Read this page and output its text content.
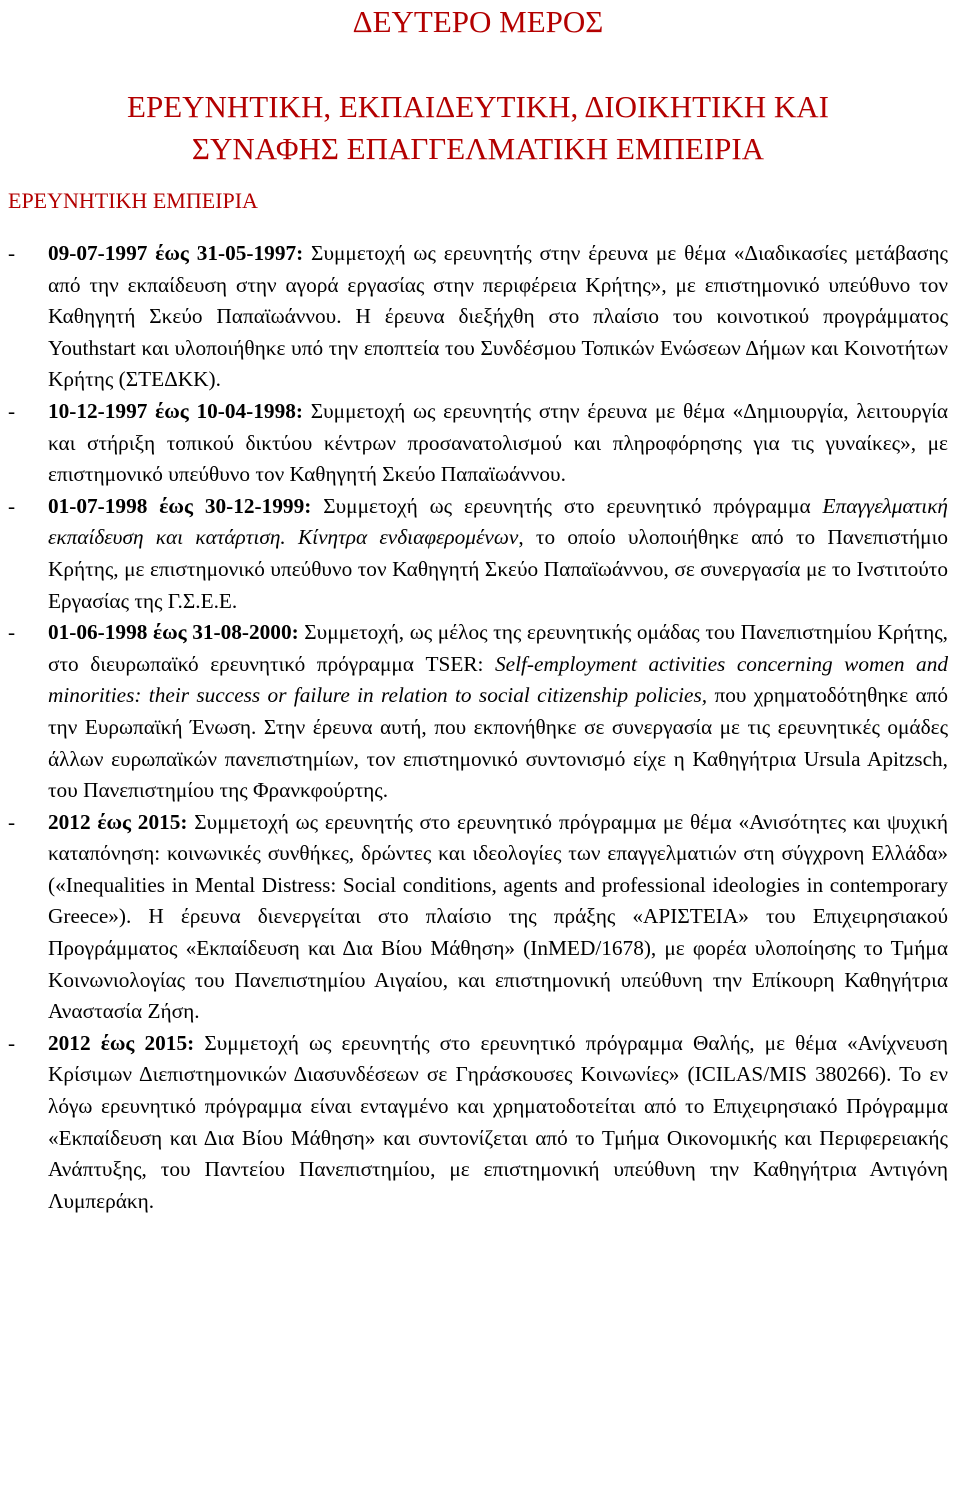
ΔΕΥΤΕΡΟ ΜΕΡΟΣ
ΕΡΕΥΝΗΤΙΚΗ, ΕΚΠΑΙΔΕΥΤΙΚΗ, ΔΙΟΙΚΗΤΙΚΗ ΚΑΙ
ΣΥΝΑΦΗΣ ΕΠΑΓΓΕΛΜΑΤΙΚΗ ΕΜΠΕΙΡΙΑ
ΕΡΕΥΝΗΤΙΚΗ ΕΜΠΕΙΡΙΑ
- 09-07-1997 έως 31-05-1997: Συμμετοχή ως ερευνητής στην έρευνα με θέμα «Διαδικασίες μετάβασης από την εκπαίδευση στην αγορά εργασίας στην περιφέρεια Κρήτης», με επιστημονικό υπεύθυνο τον Καθηγητή Σκεύο Παπαϊωάννου. Η έρευνα διεξήχθη στο πλαίσιο του κοινοτικού προγράμματος Youthstart και υλοποιήθηκε υπό την εποπτεία του Συνδέσμου Τοπικών Ενώσεων Δήμων και Κοινοτήτων Κρήτης (ΣΤΕΔΚΚ).
- 10-12-1997 έως 10-04-1998: Συμμετοχή ως ερευνητής στην έρευνα με θέμα «Δημιουργία, λειτουργία και στήριξη τοπικού δικτύου κέντρων προσανατολισμού και πληροφόρησης για τις γυναίκες», με επιστημονικό υπεύθυνο τον Καθηγητή Σκεύο Παπαϊωάννου.
- 01-07-1998 έως 30-12-1999: Συμμετοχή ως ερευνητής στο ερευνητικό πρόγραμμα Επαγγελματική εκπαίδευση και κατάρτιση. Κίνητρα ενδιαφερομένων, το οποίο υλοποιήθηκε από το Πανεπιστήμιο Κρήτης, με επιστημονικό υπεύθυνο τον Καθηγητή Σκεύο Παπαϊωάννου, σε συνεργασία με το Ινστιτούτο Εργασίας της Γ.Σ.Ε.Ε.
- 01-06-1998 έως 31-08-2000: Συμμετοχή, ως μέλος της ερευνητικής ομάδας του Πανεπιστημίου Κρήτης, στο διευρωπαϊκό ερευνητικό πρόγραμμα TSER: Self-employment activities concerning women and minorities: their success or failure in relation to social citizenship policies, που χρηματοδότηθηκε από την Ευρωπαϊκή Ένωση. Στην έρευνα αυτή, που εκπονήθηκε σε συνεργασία με τις ερευνητικές ομάδες άλλων ευρωπαϊκών πανεπιστημίων, τον επιστημονικό συντονισμό είχε η Καθηγήτρια Ursula Apitzsch, του Πανεπιστημίου της Φρανκφούρτης.
- 2012 έως 2015: Συμμετοχή ως ερευνητής στο ερευνητικό πρόγραμμα με θέμα «Ανισότητες και ψυχική καταπόνηση: κοινωνικές συνθήκες, δρώντες και ιδεολογίες των επαγγελματιών στη σύγχρονη Ελλάδα» («Inequalities in Mental Distress: Social conditions, agents and professional ideologies in contemporary Greece»). Η έρευνα διενεργείται στο πλαίσιο της πράξης «ΑΡΙΣΤΕΙΑ» του Επιχειρησιακού Προγράμματος «Εκπαίδευση και Δια Βίου Μάθηση» (InMED/1678), με φορέα υλοποίησης το Τμήμα Κοινωνιολογίας του Πανεπιστημίου Αιγαίου, και επιστημονική υπεύθυνη την Επίκουρη Καθηγήτρια Αναστασία Ζήση.
- 2012 έως 2015: Συμμετοχή ως ερευνητής στο ερευνητικό πρόγραμμα Θαλής, με θέμα «Ανίχνευση Κρίσιμων Διεπιστημονικών Διασυνδέσεων σε Γηράσκουσες Κοινωνίες» (ICILAS/MIS 380266). Το εν λόγω ερευνητικό πρόγραμμα είναι ενταγμένο και χρηματοδοτείται από το Επιχειρησιακό Πρόγραμμα «Εκπαίδευση και Δια Βίου Μάθηση» και συντονίζεται από το Τμήμα Οικονομικής και Περιφερειακής Ανάπτυξης, του Παντείου Πανεπιστημίου, με επιστημονική υπεύθυνη την Καθηγήτρια Αντιγόνη Λυμπεράκη.
